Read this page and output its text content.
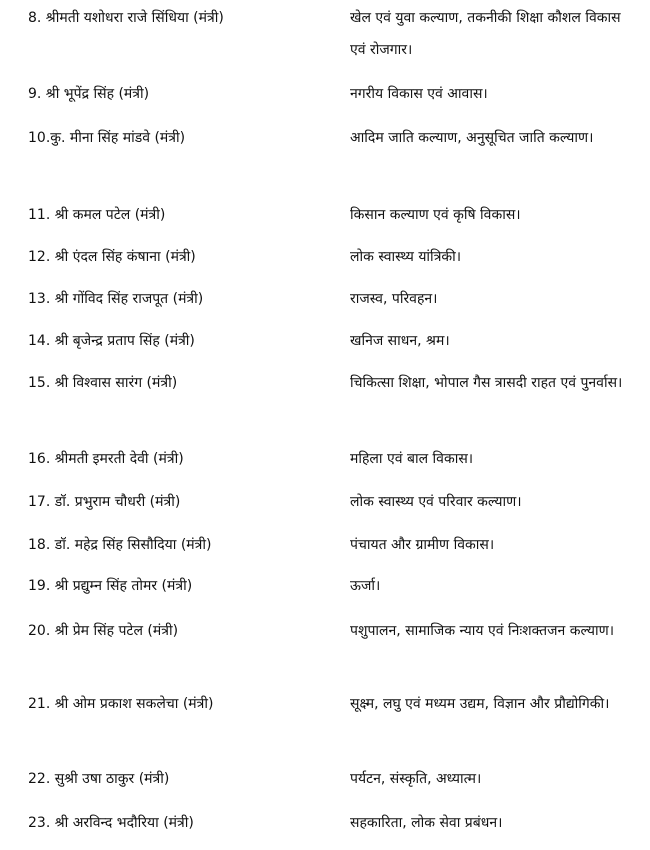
8. श्रीमती यशोधरा राजे सिंधिया (मंत्री)	खेल एवं युवा कल्याण, तकनीकी शिक्षा कौशल विकास एवं रोजगार।
9. श्री भूपेंद्र सिंह (मंत्री)	नगरीय विकास एवं आवास।
10.कु. मीना सिंह मांडवे (मंत्री)	आदिम जाति कल्याण, अनुसूचित जाति कल्याण।
11. श्री कमल पटेल (मंत्री)	किसान कल्याण एवं कृषि विकास।
12. श्री एंदल सिंह कंषाना (मंत्री)	लोक स्वास्थ्य यांत्रिकी।
13. श्री गोंविद सिंह राजपूत (मंत्री)	राजस्व, परिवहन।
14. श्री बृजेन्द्र प्रताप सिंह (मंत्री)	खनिज साधन, श्रम।
15. श्री विश्वास सारंग (मंत्री)	चिकित्सा शिक्षा, भोपाल गैस त्रासदी राहत एवं पुनर्वास।
16. श्रीमती इमरती देवी (मंत्री)	महिला एवं बाल विकास।
17. डॉ. प्रभुराम चौधरी (मंत्री)	लोक स्वास्थ्य एवं परिवार कल्याण।
18. डॉ. महेद्र सिंह सिसौदिया (मंत्री)	पंचायत और ग्रामीण विकास।
19. श्री प्रद्युम्न सिंह तोमर (मंत्री)	ऊर्जा।
20. श्री प्रेम सिंह पटेल (मंत्री)	पशुपालन, सामाजिक न्याय एवं निःशक्तजन कल्याण।
21. श्री ओम प्रकाश सकलेचा (मंत्री)	सूक्ष्म, लघु एवं मध्यम उद्यम, विज्ञान और प्रौद्योगिकी।
22. सुश्री उषा ठाकुर (मंत्री)	पर्यटन, संस्कृति, अध्यात्म।
23. श्री अरविन्द भदौरिया (मंत्री)	सहकारिता, लोक सेवा प्रबंधन।
